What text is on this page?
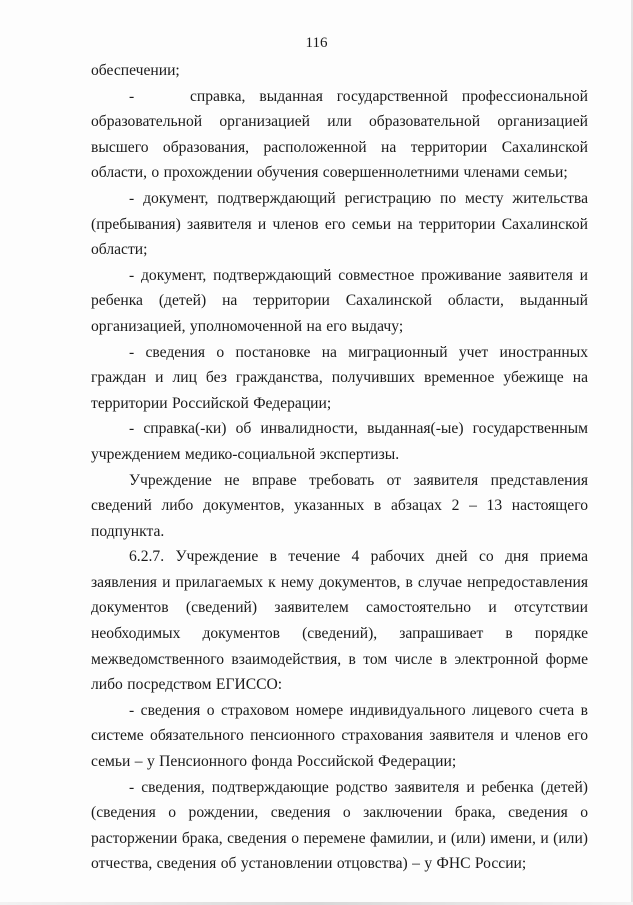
116

обеспечении;

-    справка, выданная государственной профессиональной образовательной организацией или образовательной организацией высшего образования, расположенной на территории Сахалинской области, о прохождении обучения совершеннолетними членами семьи;

- документ, подтверждающий регистрацию по месту жительства (пребывания) заявителя и членов его семьи на территории Сахалинской области;

- документ, подтверждающий совместное проживание заявителя и ребенка (детей) на территории Сахалинской области, выданный организацией, уполномоченной на его выдачу;

- сведения о постановке на миграционный учет иностранных граждан и лиц без гражданства, получивших временное убежище на территории Российской Федерации;

- справка(-ки) об инвалидности, выданная(-ые) государственным учреждением медико-социальной экспертизы.

Учреждение не вправе требовать от заявителя представления сведений либо документов, указанных в абзацах 2 – 13 настоящего подпункта.

6.2.7. Учреждение в течение 4 рабочих дней со дня приема заявления и прилагаемых к нему документов, в случае непредоставления документов (сведений) заявителем самостоятельно и отсутствии необходимых документов (сведений), запрашивает в порядке межведомственного взаимодействия, в том числе в электронной форме либо посредством ЕГИССО:

- сведения о страховом номере индивидуального лицевого счета в системе обязательного пенсионного страхования заявителя и членов его семьи – у Пенсионного фонда Российской Федерации;

- сведения, подтверждающие родство заявителя и ребенка (детей) (сведения о рождении, сведения о заключении брака, сведения о расторжении брака, сведения о перемене фамилии, и (или) имени, и (или) отчества, сведения об установлении отцовства) – у ФНС России;
